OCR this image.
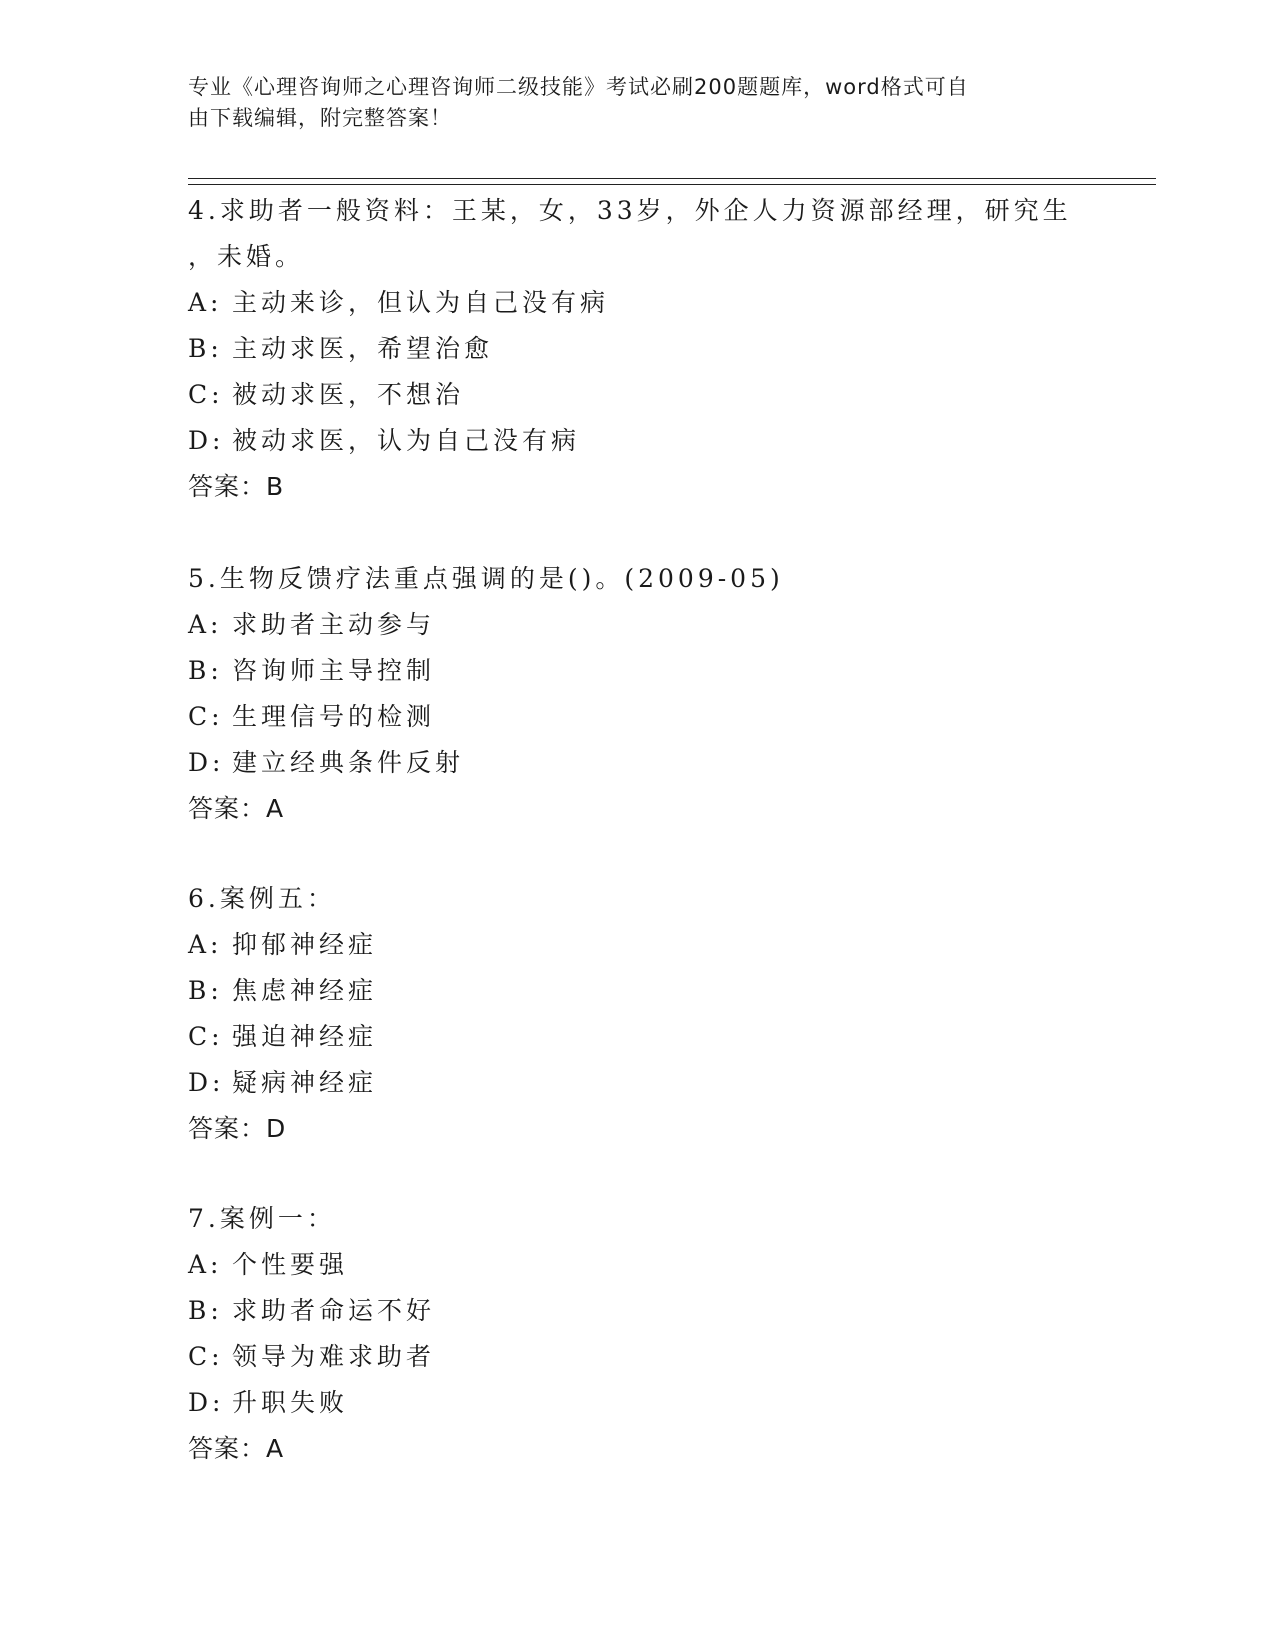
专业《心理咨询师之心理咨询师二级技能》考试必刷200题题库，word格式可自
由下载编辑，附完整答案！

4.求助者一般资料：王某，女，33岁，外企人力资源部经理，研究生

，未婚。

A: 主动来诊，但认为自己没有病

B: 主动求医，希望治愈

C: 被动求医，不想治

D: 被动求医，认为自己没有病

答案：B

5.生物反馈疗法重点强调的是()。(2009-05)

A: 求助者主动参与

B: 咨询师主导控制

C: 生理信号的检测

D: 建立经典条件反射

答案：A

6.案例五：

A: 抑郁神经症

B: 焦虑神经症

C: 强迫神经症

D: 疑病神经症

答案：D

7.案例一：

A: 个性要强

B: 求助者命运不好

C: 领导为难求助者

D: 升职失败

答案：A
